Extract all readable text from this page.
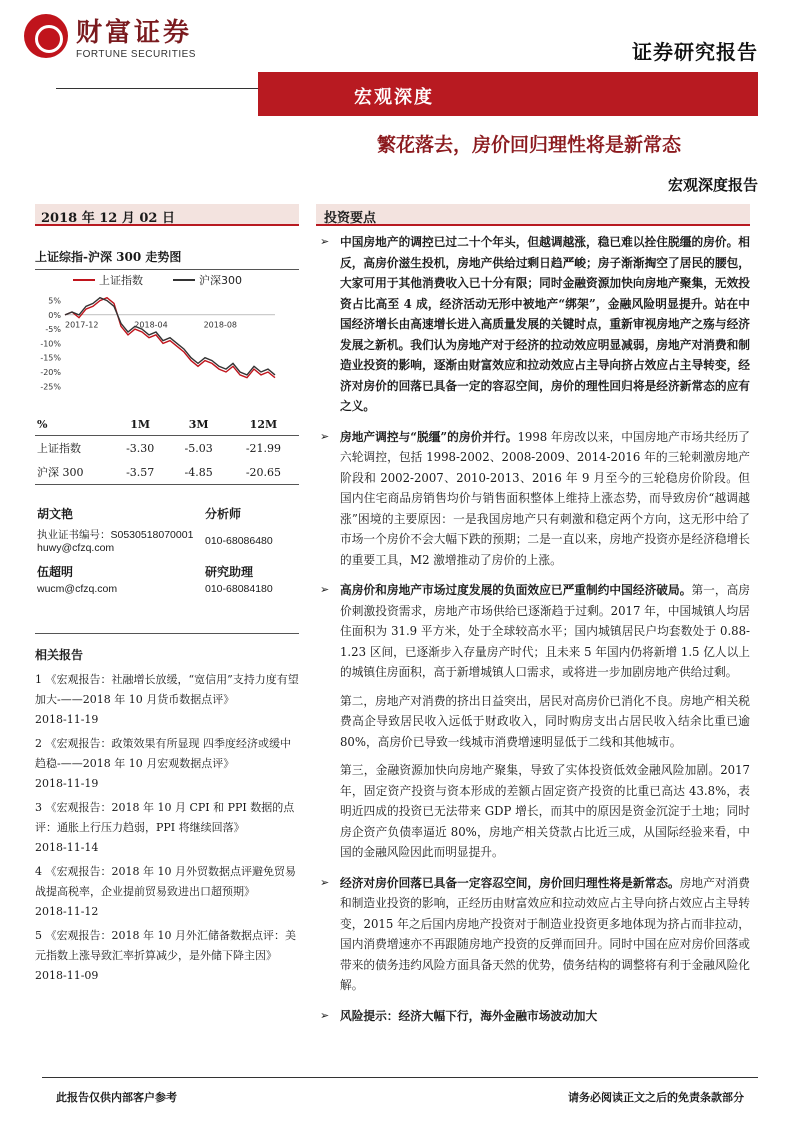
财富证券
FORTUNE SECURITIES	证券研究报告
宏观深度
繁花落去，房价回归理性将是新常态
宏观深度报告
2018 年 12 月 02 日
上证综指-沪深 300 走势图
上证指数	沪深300
5%
0%
-5%
-10%
-15%
-20%
-25%
2017-12	2018-04	2018-08
%	1M	3M	12M
上证指数	-3.30	-5.03	-21.99
沪深 300	-3.57	-4.85	-20.65
胡文艳	分析师
执业证书编号：S0530518070001
huwy@cfzq.com
010-68086480
伍超明	研究助理
wucm@cfzq.com	010-68084180
相关报告
1 《宏观报告：社融增长放缓，“宽信用”支持力度有望加大-——2018 年 10 月货币数据点评》
2018-11-19
2 《宏观报告：政策效果有所显现 四季度经济或缓中趋稳-——2018 年 10 月宏观数据点评》
2018-11-19
3 《宏观报告：2018 年 10 月 CPI 和 PPI 数据的点评：通胀上行压力趋弱，PPI 将继续回落》
2018-11-14
4 《宏观报告：2018 年 10 月外贸数据点评避免贸易战提高税率，企业提前贸易致进出口超预期》
2018-11-12
5 《宏观报告：2018 年 10 月外汇储备数据点评：美元指数上涨导致汇率折算减少，是外储下降主因》 2018-11-09
投资要点
➢ 中国房地产的调控已过二十个年头，但越调越涨，稳已难以拴住脱缰的房价。相反，高房价滋生投机，房地产供给过剩日趋严峻；房子渐渐掏空了居民的腰包，大家可用于其他消费收入已十分有限；同时金融资源加快向房地产聚集，无效投资占比高至 4 成，经济活动无形中被地产“绑架”，金融风险明显提升。站在中国经济增长由高速增长进入高质量发展的关键时点，重新审视房地产之殇与经济发展之新机。我们认为房地产对于经济的拉动效应明显减弱，房地产对消费和制造业投资的影响，逐渐由财富效应和拉动效应占主导向挤占效应占主导转变，经济对房价的回落已具备一定的容忍空间，房价的理性回归将是经济新常态的应有之义。
➢ 房地产调控与“脱缰”的房价并行。1998 年房改以来，中国房地产市场共经历了六轮调控，包括 1998-2002、2008-2009、2014-2016 年的三轮刺激房地产阶段和 2002-2007、2010-2013、2016 年 9 月至今的三轮稳房价阶段。但国内住宅商品房销售均价与销售面积整体上维持上涨态势，而导致房价“越调越涨”困境的主要原因：一是我国房地产只有刺激和稳定两个方向，这无形中给了市场一个房价不会大幅下跌的预期；二是一直以来，房地产投资亦是经济稳增长的重要工具，M2 激增推动了房价的上涨。
➢ 高房价和房地产市场过度发展的负面效应已严重制约中国经济破局。第一，高房价刺激投资需求，房地产市场供给已逐渐趋于过剩。2017 年，中国城镇人均居住面积为 31.9 平方米，处于全球较高水平；国内城镇居民户均套数处于 0.88-1.23 区间，已逐渐步入存量房产时代；且未来 5 年国内仍将新增 1.5 亿人以上的城镇住房面积，高于新增城镇人口需求，或将进一步加剧房地产供给过剩。
第二，房地产对消费的挤出日益突出，居民对高房价已消化不良。房地产相关税费高企导致居民收入远低于财政收入，同时购房支出占居民收入结余比重已逾 80%，高房价已导致一线城市消费增速明显低于二线和其他城市。
第三，金融资源加快向房地产聚集，导致了实体投资低效金融风险加剧。2017 年，固定资产投资与资本形成的差额占固定资产投资的比重已高达 43.8%，表明近四成的投资已无法带来 GDP 增长，而其中的原因是资金沉淀于土地；同时房企资产负债率逼近 80%，房地产相关贷款占比近三成，从国际经验来看，中国的金融风险因此而明显提升。
➢ 经济对房价回落已具备一定容忍空间，房价回归理性将是新常态。房地产对消费和制造业投资的影响，正经历由财富效应和拉动效应占主导向挤占效应占主导转变，2015 年之后国内房地产投资对于制造业投资更多地体现为挤占而非拉动，国内消费增速亦不再跟随房地产投资的反弹而回升。同时中国在应对房价回落或带来的债务违约风险方面具备天然的优势，债务结构的调整将有利于金融风险化解。
➢ 风险提示：经济大幅下行，海外金融市场波动加大
此报告仅供内部客户参考	请务必阅读正文之后的免责条款部分
